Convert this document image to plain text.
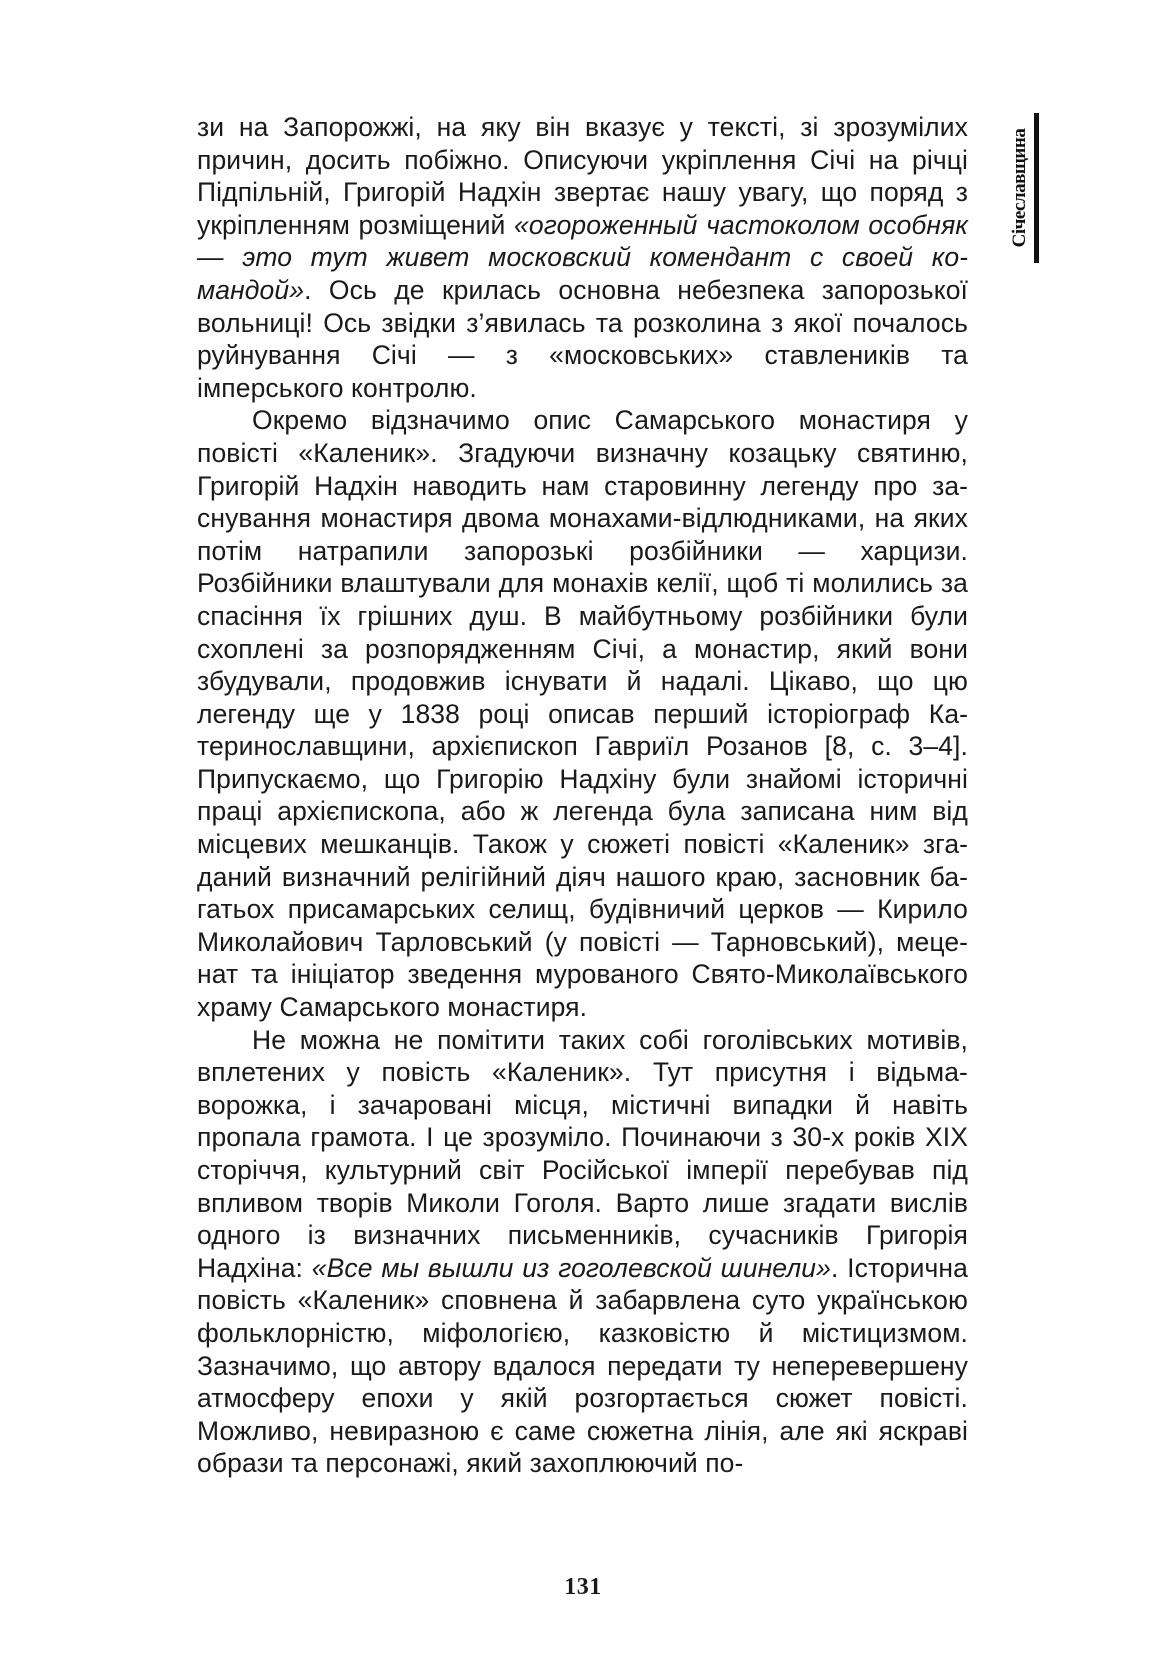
Січеславщина

зи на Запорожжі, на яку він вказує у тексті, зі зрозумілих причин, досить побіжно. Описуючи укріплення Січі на річці Підпільній, Григорій Надхін звертає нашу увагу, що поряд з укріпленням розміщений «огороженный частоколом особняк — это тут живет московский комендант с своей командой». Ось де крилась основна небезпека запорозької вольниці! Ось звідки з’явилась та розколина з якої почалось руйнування Січі — з «московських» ставлеників та імперського контролю.

Окремо відзначимо опис Самарського монастиря у повісті «Каленик». Згадуючи визначну козацьку святиню, Григорій Надхін наводить нам старовинну легенду про заснування монастиря двома монахами-відлюдниками, на яких потім натрапили запорозькі розбійники — харцизи. Розбійники влаштували для монахів келії, щоб ті молились за спасіння їх грішних душ. В майбутньому розбійники були схоплені за розпорядженням Січі, а монастир, який вони збудували, продовжив існувати й надалі. Цікаво, що цю легенду ще у 1838 році описав перший історіограф Катеринославщини, архієпископ Гавриїл Розанов [8, с. 3–4]. Припускаємо, що Григорію Надхіну були знайомі історичні праці архієпископа, або ж легенда була записана ним від місцевих мешканців. Також у сюжеті повісті «Каленик» згаданий визначний релігійний діяч нашого краю, засновник багатьох присамарських селищ, будівничий церков — Кирило Миколайович Тарловський (у повісті — Тарновський), меценат та ініціатор зведення мурованого Свято-Миколаївського храму Самарського монастиря.

Не можна не помітити таких собі гоголівських мотивів, вплетених у повість «Каленик». Тут присутня і відьма-ворожка, і зачаровані місця, містичні випадки й навіть пропала грамота. І це зрозуміло. Починаючи з 30-х років XIX сторіччя, культурний світ Російської імперії перебував під впливом творів Миколи Гоголя. Варто лише згадати вислів одного із визначних письменників, сучасників Григорія Надхіна: «Все мы вышли из гоголевской шинели». Історична повість «Каленик» сповнена й забарвлена суто українською фольклорністю, міфологією, казковістю й містицизмом. Зазначимо, що автору вдалося передати ту неперевершену атмосферу епохи у якій розгортається сюжет повісті. Можливо, невиразною є саме сюжетна лінія, але які яскраві образи та персонажі, який захоплюючий по-

131
